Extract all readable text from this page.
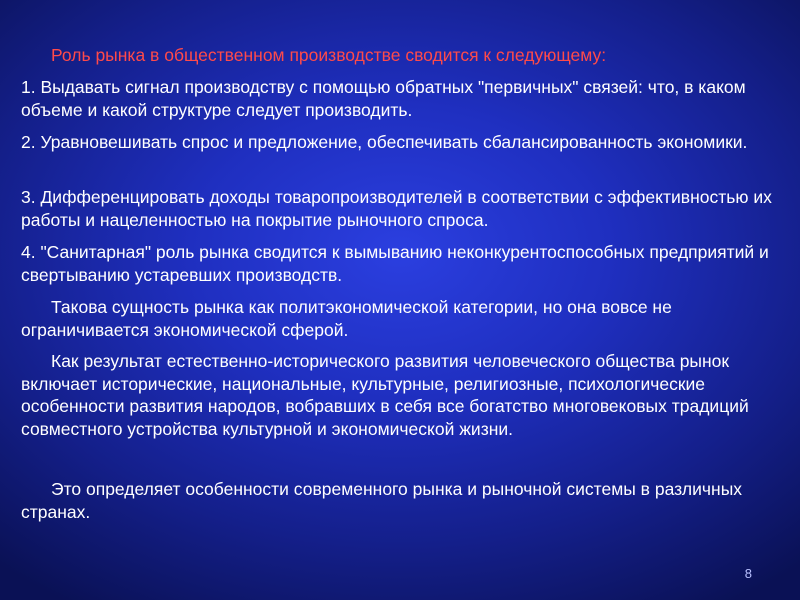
Роль рынка в общественном производстве сводится к следующему:
1. Выдавать сигнал производству с помощью обратных "первичных" связей: что, в каком объеме и какой структуре следует производить.
2. Уравновешивать спрос и предложение, обеспечивать сбалансированность экономики.
3. Дифференцировать доходы товаропроизводителей в соответствии с эффективностью их работы и нацеленностью на покрытие рыночного спроса.
4. "Санитарная" роль рынка сводится к вымыванию неконкурентоспособных предприятий и свертыванию устаревших производств.
Такова сущность рынка как политэкономической категории, но она вовсе не ограничивается экономической сферой.
Как результат естественно-исторического развития человеческого общества рынок включает исторические, национальные, культурные, религиозные, психологические особенности развития народов, вобравших в себя все богатство многовековых традиций совместного устройства культурной и экономической жизни.
Это определяет особенности современного рынка и рыночной системы в различных странах.
8
